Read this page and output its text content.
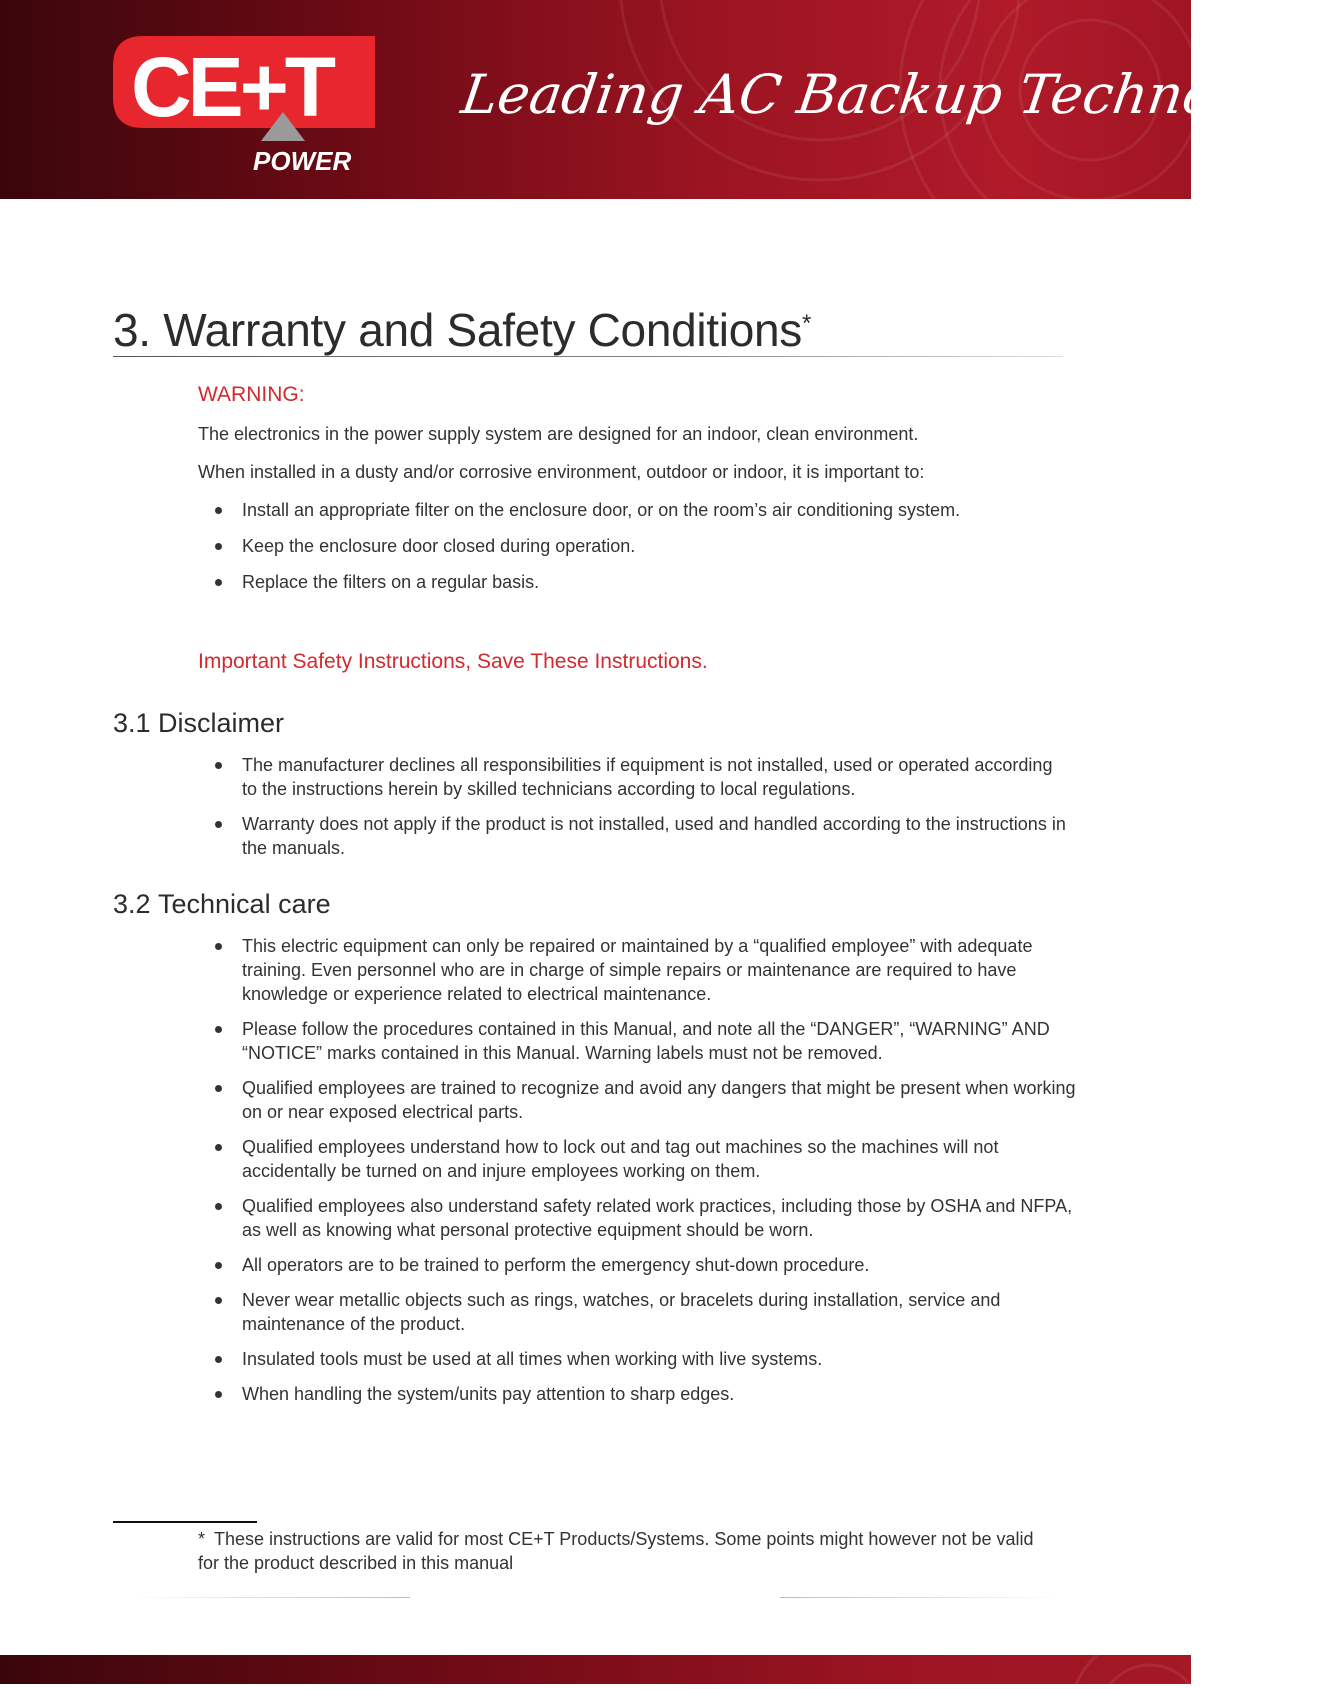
CE+T
POWER
Leading AC Backup Technology
3. Warranty and Safety Conditions*

WARNING:

The electronics in the power supply system are designed for an indoor, clean environment.

When installed in a dusty and/or corrosive environment, outdoor or indoor, it is important to:

Install an appropriate filter on the enclosure door, or on the room’s air conditioning system.
Keep the enclosure door closed during operation.
Replace the filters on a regular basis.

Important Safety Instructions, Save These Instructions.

3.1 Disclaimer
The manufacturer declines all responsibilities if equipment is not installed, used or operated according to the instructions herein by skilled technicians according to local regulations.
Warranty does not apply if the product is not installed, used and handled according to the instructions in the manuals.
3.2 Technical care
This electric equipment can only be repaired or maintained by a “qualified employee” with adequate training. Even personnel who are in charge of simple repairs or maintenance are required to have knowledge or experience related to electrical maintenance.
Please follow the procedures contained in this Manual, and note all the “DANGER”, “WARNING” AND “NOTICE” marks contained in this Manual. Warning labels must not be removed.
Qualified employees are trained to recognize and avoid any dangers that might be present when working on or near exposed electrical parts.
Qualified employees understand how to lock out and tag out machines so the machines will not accidentally be turned on and injure employees working on them.
Qualified employees also understand safety related work practices, including those by OSHA and NFPA, as well as knowing what personal protective equipment should be worn.
All operators are to be trained to perform the emergency shut-down procedure.
Never wear metallic objects such as rings, watches, or bracelets during installation, service and maintenance of the product.
Insulated tools must be used at all times when working with live systems.
When handling the system/units pay attention to sharp edges.

* These instructions are valid for most CE+T Products/Systems. Some points might however not be valid for the product described in this manual
